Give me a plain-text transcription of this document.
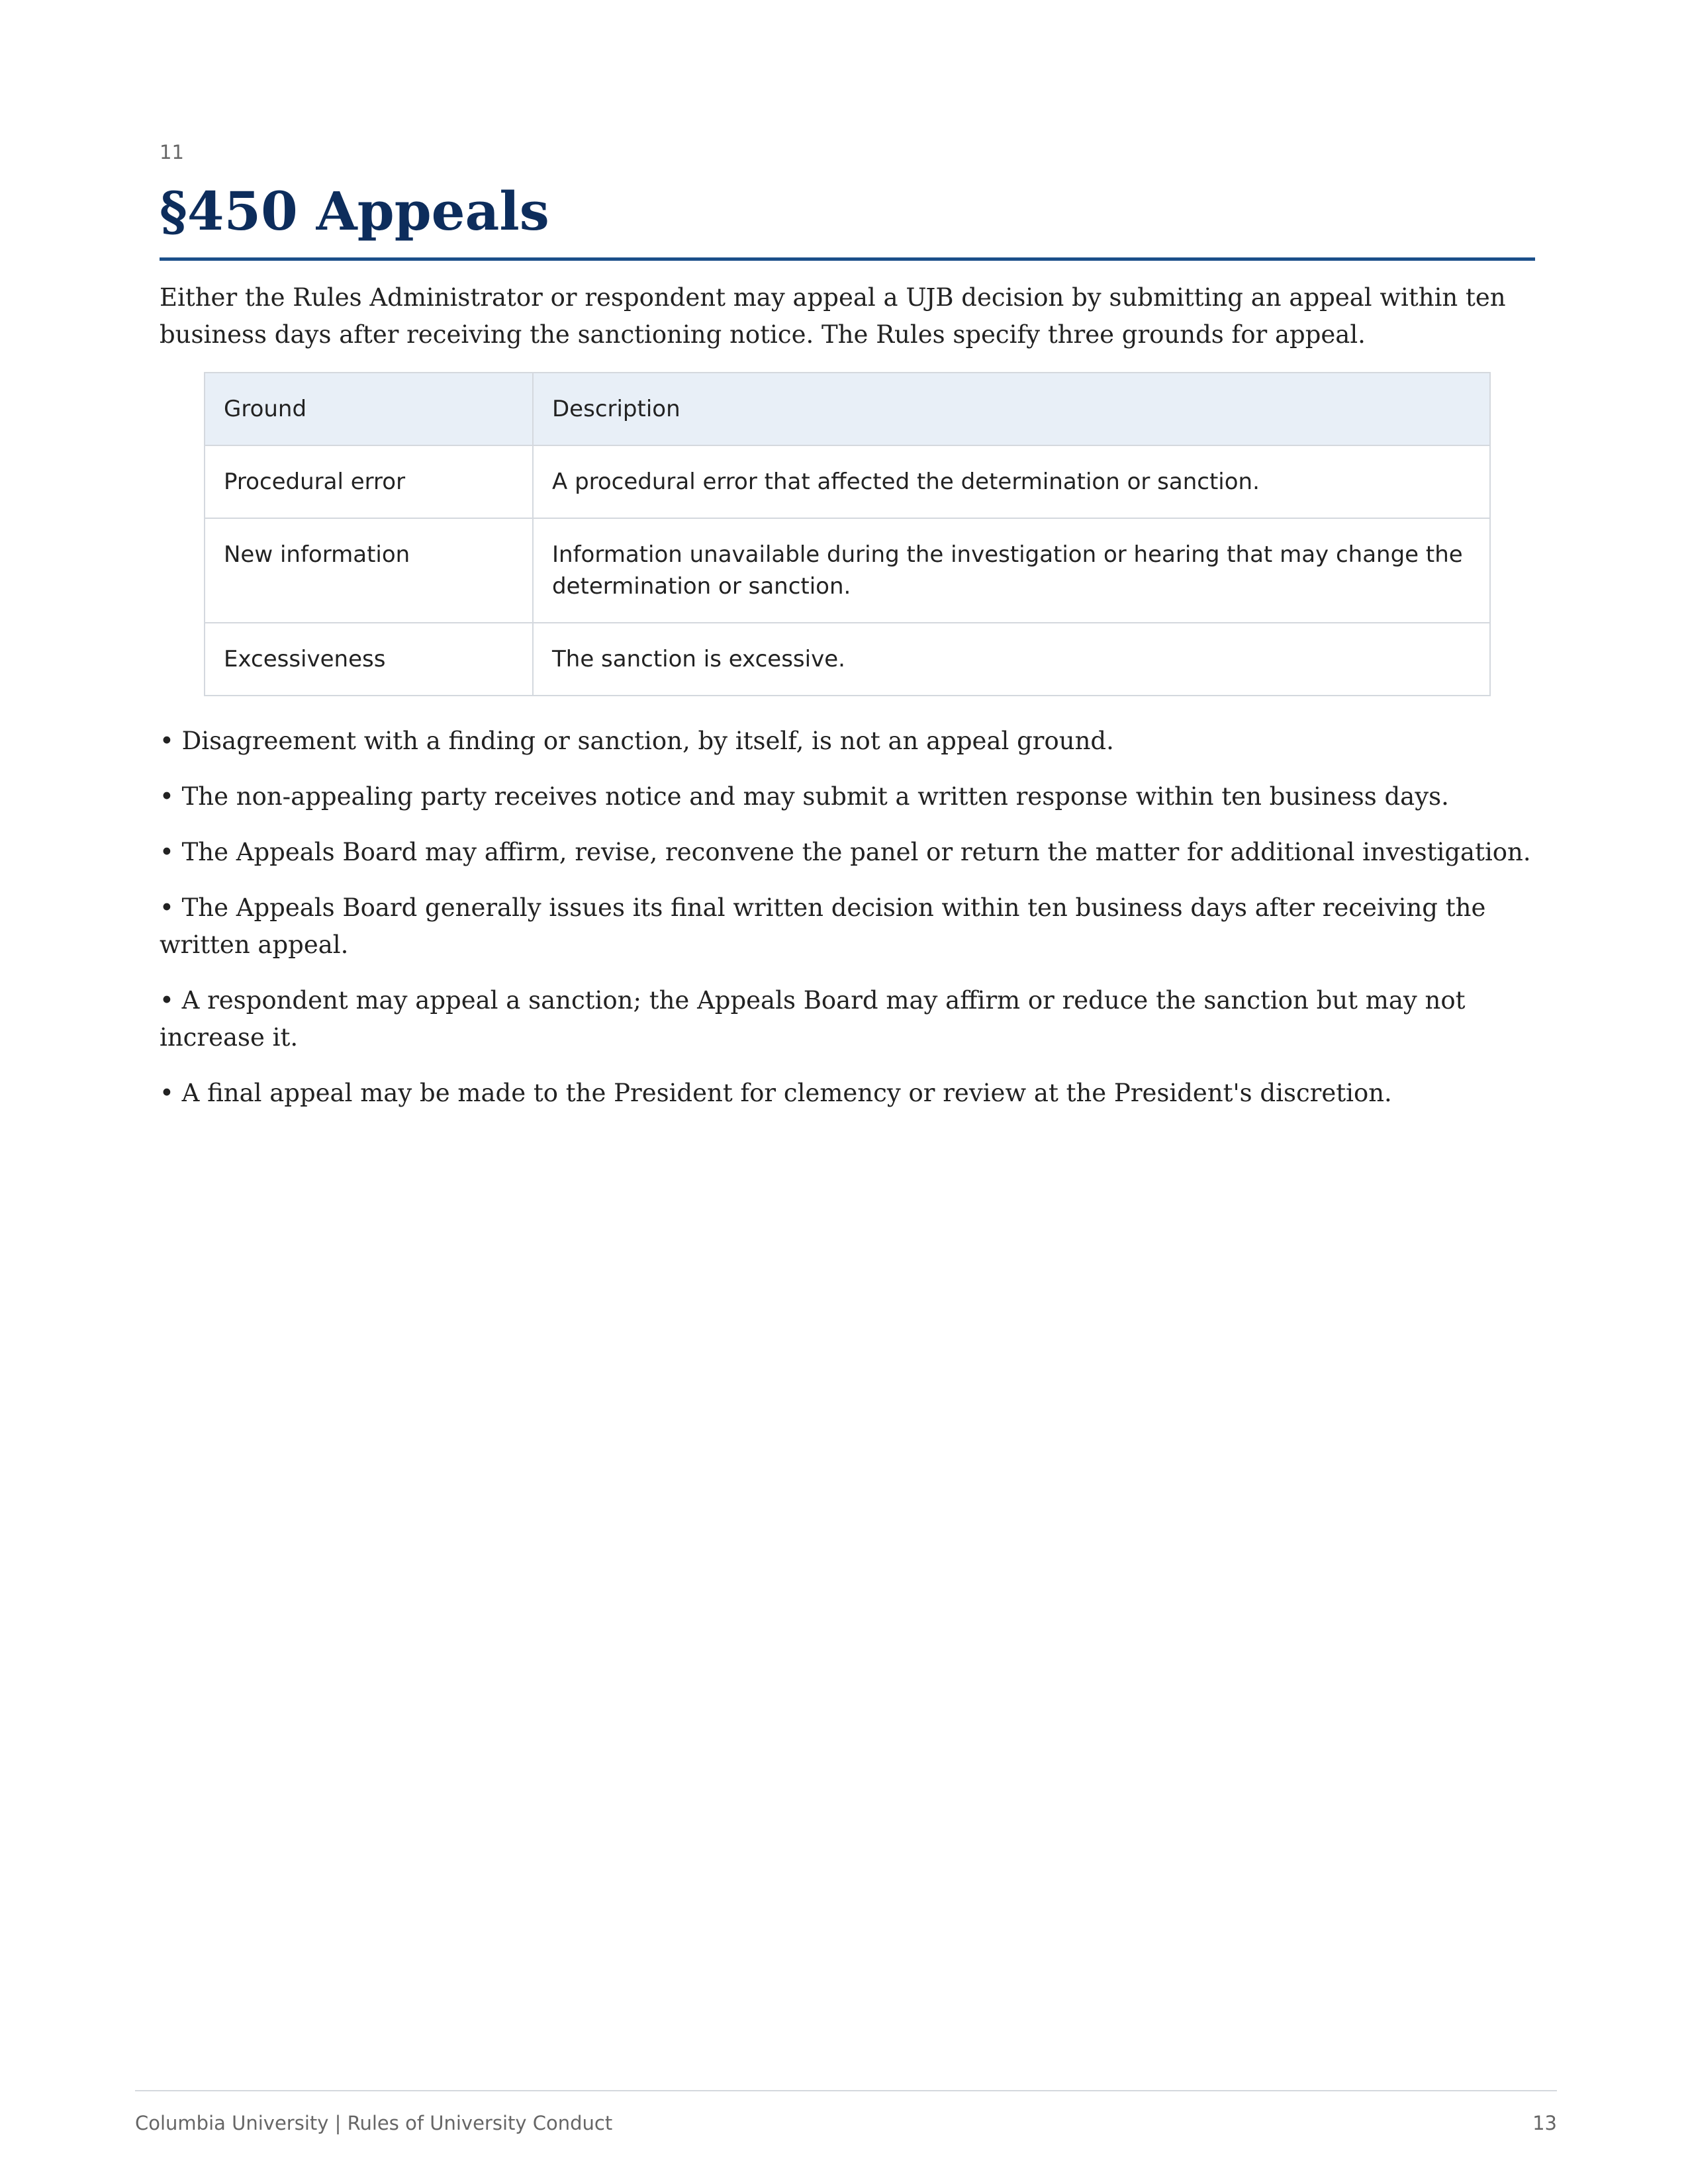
11

§450 Appeals

Either the Rules Administrator or respondent may appeal a UJB decision by submitting an appeal within ten business days after receiving the sanctioning notice. The Rules specify three grounds for appeal.

Ground	Description
Procedural error	A procedural error that affected the determination or sanction.
New information	Information unavailable during the investigation or hearing that may change the determination or sanction.
Excessiveness	The sanction is excessive.
• Disagreement with a finding or sanction, by itself, is not an appeal ground.
• The non-appealing party receives notice and may submit a written response within ten business days.
• The Appeals Board may affirm, revise, reconvene the panel or return the matter for additional investigation.
• The Appeals Board generally issues its final written decision within ten business days after receiving the written appeal.
• A respondent may appeal a sanction; the Appeals Board may affirm or reduce the sanction but may not increase it.
• A final appeal may be made to the President for clemency or review at the President's discretion.
Columbia University | Rules of University Conduct	13
